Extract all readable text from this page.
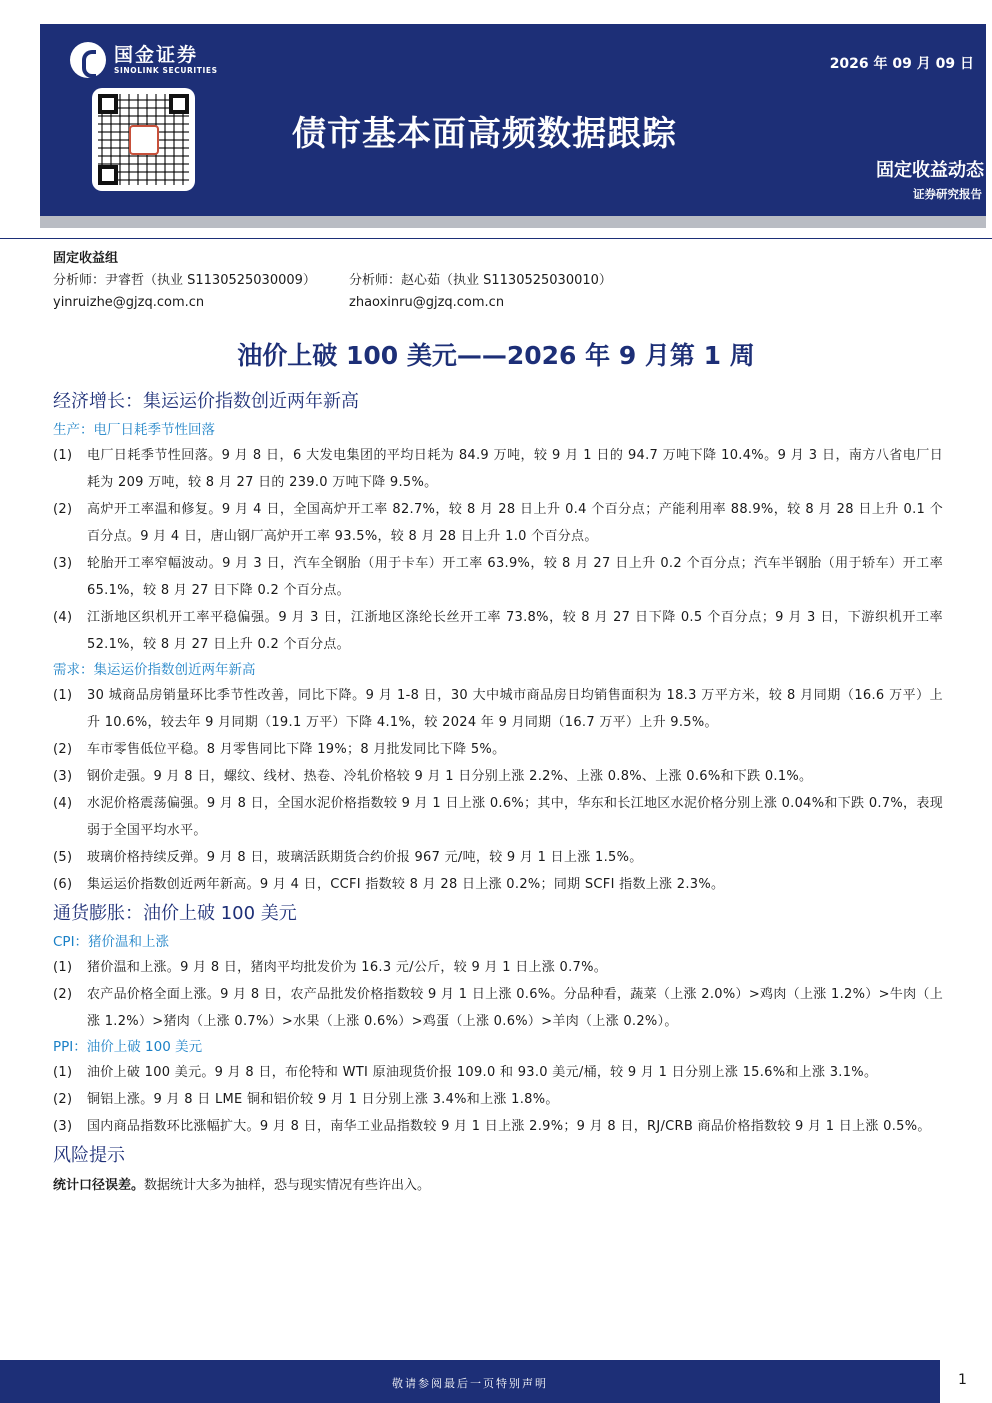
国金证券
SINOLINK SECURITIES	2026 年 09 月 09 日
债市基本面高频数据跟踪
固定收益动态
证券研究报告
固定收益组
分析师：尹睿哲（执业 S1130525030009）	分析师：赵心茹（执业 S1130525030010）
yinruizhe@gjzq.com.cn	zhaoxinru@gjzq.com.cn
油价上破 100 美元——2026 年 9 月第 1 周
经济增长：集运运价指数创近两年新高
生产：电厂日耗季节性回落
(1)	电厂日耗季节性回落。9 月 8 日，6 大发电集团的平均日耗为 84.9 万吨，较 9 月 1 日的 94.7 万吨下降 10.4%。9 月 3 日，南方八省电厂日耗为 209 万吨，较 8 月 27 日的 239.0 万吨下降 9.5%。
(2)	高炉开工率温和修复。9 月 4 日，全国高炉开工率 82.7%，较 8 月 28 日上升 0.4 个百分点；产能利用率 88.9%，较 8 月 28 日上升 0.1 个百分点。9 月 4 日，唐山钢厂高炉开工率 93.5%，较 8 月 28 日上升 1.0 个百分点。
(3)	轮胎开工率窄幅波动。9 月 3 日，汽车全钢胎（用于卡车）开工率 63.9%，较 8 月 27 日上升 0.2 个百分点；汽车半钢胎（用于轿车）开工率 65.1%，较 8 月 27 日下降 0.2 个百分点。
(4)	江浙地区织机开工率平稳偏强。9 月 3 日，江浙地区涤纶长丝开工率 73.8%，较 8 月 27 日下降 0.5 个百分点；9 月 3 日，下游织机开工率 52.1%，较 8 月 27 日上升 0.2 个百分点。
需求：集运运价指数创近两年新高
(1)	30 城商品房销量环比季节性改善，同比下降。9 月 1-8 日，30 大中城市商品房日均销售面积为 18.3 万平方米，较 8 月同期（16.6 万平）上升 10.6%，较去年 9 月同期（19.1 万平）下降 4.1%，较 2024 年 9 月同期（16.7 万平）上升 9.5%。
(2)	车市零售低位平稳。8 月零售同比下降 19%；8 月批发同比下降 5%。
(3)	钢价走强。9 月 8 日，螺纹、线材、热卷、冷轧价格较 9 月 1 日分别上涨 2.2%、上涨 0.8%、上涨 0.6%和下跌 0.1%。
(4)	水泥价格震荡偏强。9 月 8 日，全国水泥价格指数较 9 月 1 日上涨 0.6%；其中，华东和长江地区水泥价格分别上涨 0.04%和下跌 0.7%，表现弱于全国平均水平。
(5)	玻璃价格持续反弹。9 月 8 日，玻璃活跃期货合约价报 967 元/吨，较 9 月 1 日上涨 1.5%。
(6)	集运运价指数创近两年新高。9 月 4 日，CCFI 指数较 8 月 28 日上涨 0.2%；同期 SCFI 指数上涨 2.3%。
通货膨胀：油价上破 100 美元
CPI：猪价温和上涨
(1)	猪价温和上涨。9 月 8 日，猪肉平均批发价为 16.3 元/公斤，较 9 月 1 日上涨 0.7%。
(2)	农产品价格全面上涨。9 月 8 日，农产品批发价格指数较 9 月 1 日上涨 0.6%。分品种看，蔬菜（上涨 2.0%）>鸡肉（上涨 1.2%）>牛肉（上涨 1.2%）>猪肉（上涨 0.7%）>水果（上涨 0.6%）>鸡蛋（上涨 0.6%）>羊肉（上涨 0.2%）。
PPI：油价上破 100 美元
(1)	油价上破 100 美元。9 月 8 日，布伦特和 WTI 原油现货价报 109.0 和 93.0 美元/桶，较 9 月 1 日分别上涨 15.6%和上涨 3.1%。
(2)	铜铝上涨。9 月 8 日 LME 铜和铝价较 9 月 1 日分别上涨 3.4%和上涨 1.8%。
(3)	国内商品指数环比涨幅扩大。9 月 8 日，南华工业品指数较 9 月 1 日上涨 2.9%；9 月 8 日，RJ/CRB 商品价格指数较 9 月 1 日上涨 0.5%。
风险提示
统计口径误差。数据统计大多为抽样，恐与现实情况有些许出入。
敬请参阅最后一页特别声明	1
